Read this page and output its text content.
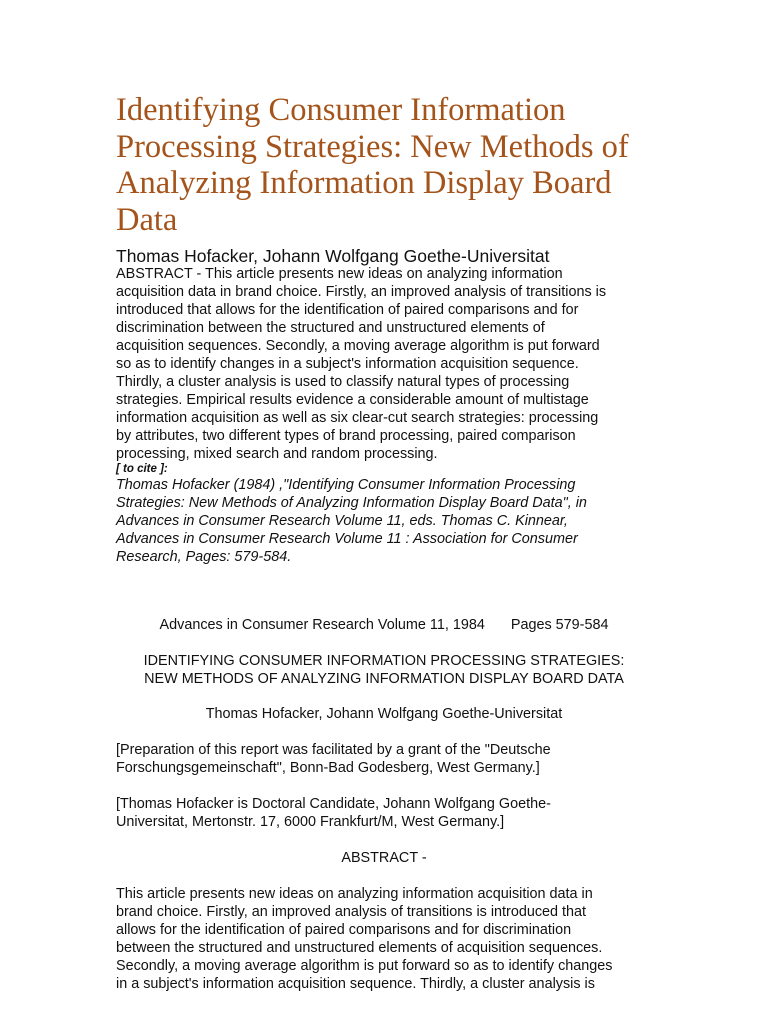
Identifying Consumer Information Processing Strategies: New Methods of Analyzing Information Display Board Data
Thomas Hofacker, Johann Wolfgang Goethe-Universitat
ABSTRACT - This article presents new ideas on analyzing information
acquisition data in brand choice. Firstly, an improved analysis of transitions is
introduced that allows for the identification of paired comparisons and for
discrimination between the structured and unstructured elements of
acquisition sequences. Secondly, a moving average algorithm is put forward
so as to identify changes in a subject's information acquisition sequence.
Thirdly, a cluster analysis is used to classify natural types of processing
strategies. Empirical results evidence a considerable amount of multistage
information acquisition as well as six clear-cut search strategies: processing
by attributes, two different types of brand processing, paired comparison
processing, mixed search and random processing.
[ to cite ]:
Thomas Hofacker (1984) ,"Identifying Consumer Information Processing
Strategies: New Methods of Analyzing Information Display Board Data", in
Advances in Consumer Research Volume 11, eds. Thomas C. Kinnear,
Advances in Consumer Research Volume 11 : Association for Consumer
Research, Pages: 579-584.
Advances in Consumer Research Volume 11, 1984 Pages 579-584
IDENTIFYING CONSUMER INFORMATION PROCESSING STRATEGIES:
NEW METHODS OF ANALYZING INFORMATION DISPLAY BOARD DATA
Thomas Hofacker, Johann Wolfgang Goethe-Universitat
[Preparation of this report was facilitated by a grant of the "Deutsche
Forschungsgemeinschaft", Bonn-Bad Godesberg, West Germany.]
[Thomas Hofacker is Doctoral Candidate, Johann Wolfgang Goethe-
Universitat, Mertonstr. 17, 6000 Frankfurt/M, West Germany.]
ABSTRACT -
This article presents new ideas on analyzing information acquisition data in
brand choice. Firstly, an improved analysis of transitions is introduced that
allows for the identification of paired comparisons and for discrimination
between the structured and unstructured elements of acquisition sequences.
Secondly, a moving average algorithm is put forward so as to identify changes
in a subject's information acquisition sequence. Thirdly, a cluster analysis is
